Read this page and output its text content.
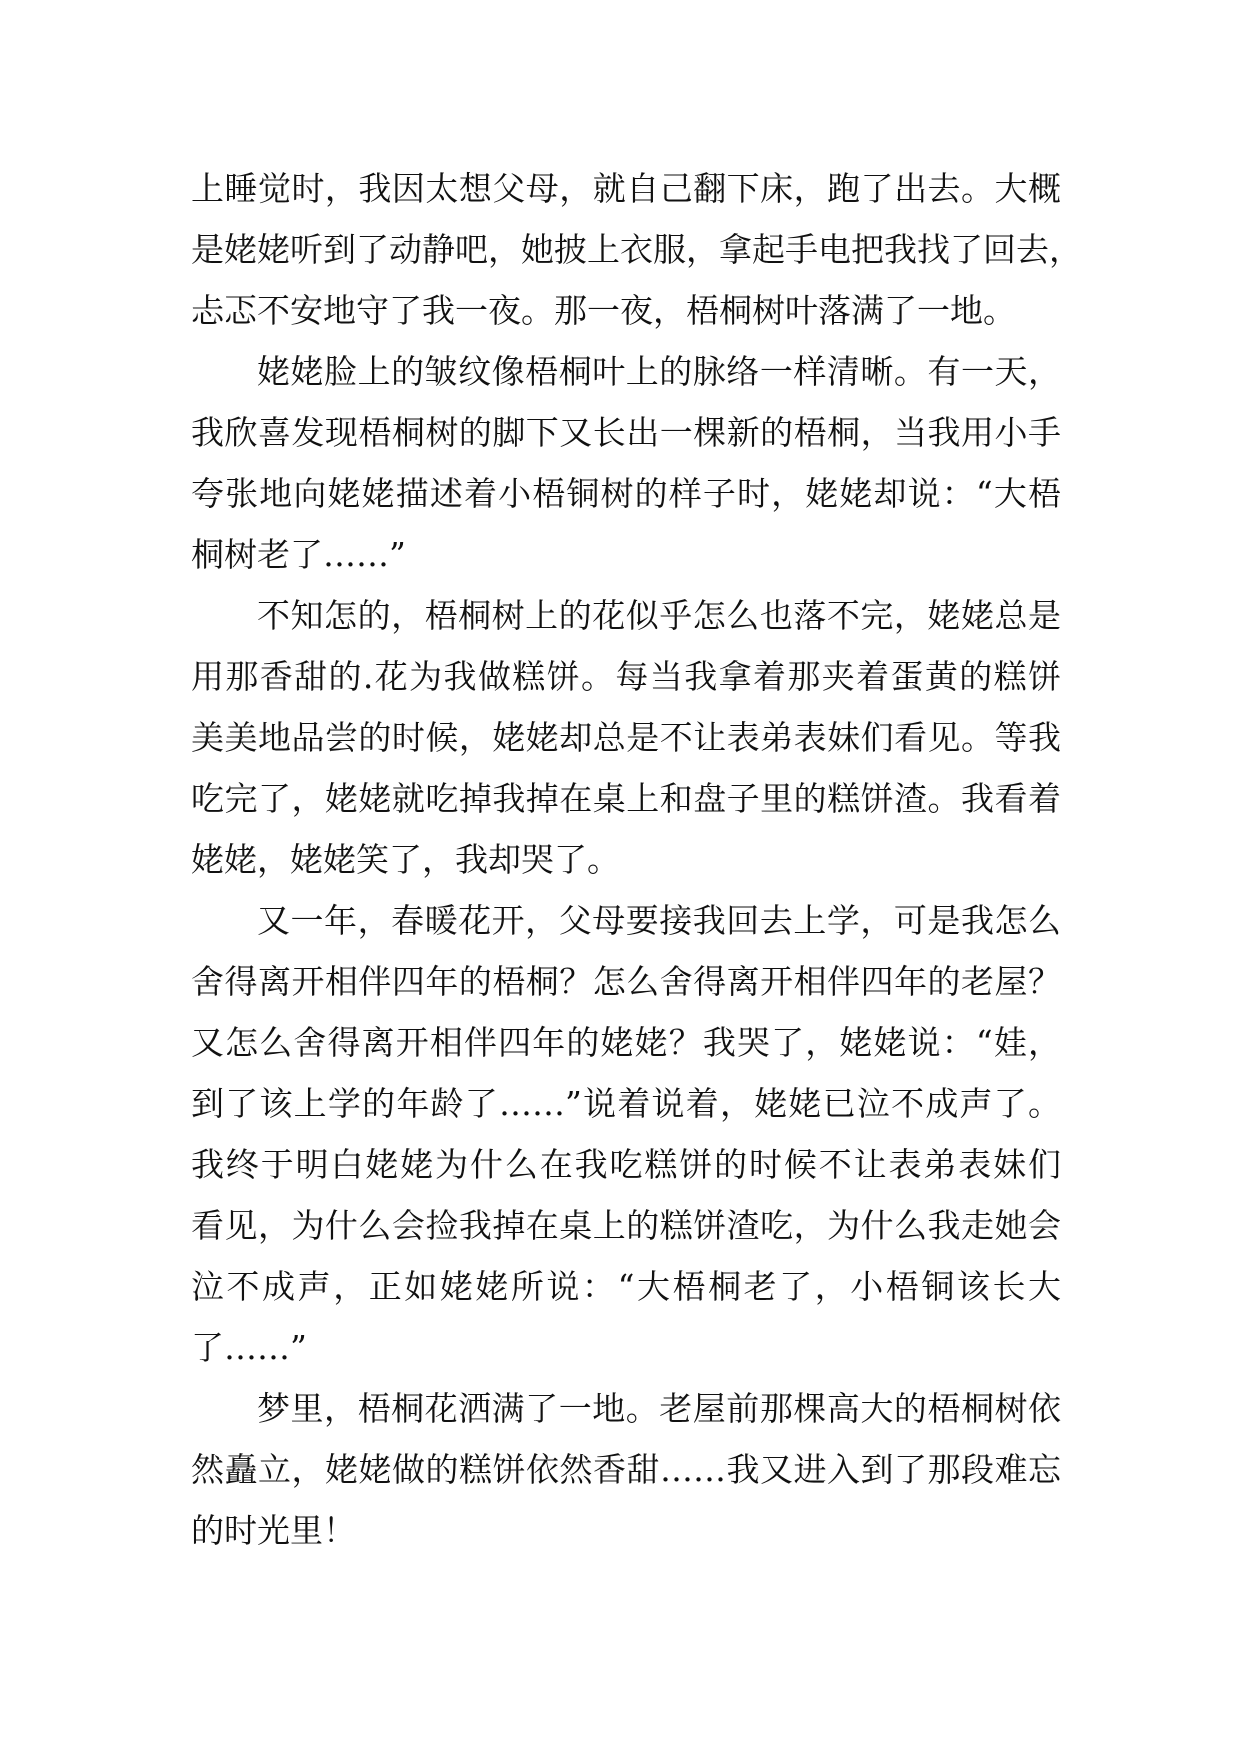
上睡觉时，我因太想父母，就自己翻下床，跑了出去。大概
是姥姥听到了动静吧，她披上衣服，拿起手电把我找了回去，
忐忑不安地守了我一夜。那一夜，梧桐树叶落满了一地。
姥姥脸上的皱纹像梧桐叶上的脉络一样清晰。有一天，
我欣喜发现梧桐树的脚下又长出一棵新的梧桐，当我用小手
夸张地向姥姥描述着小梧铜树的样子时，姥姥却说：“大梧
桐树老了……”
不知怎的，梧桐树上的花似乎怎么也落不完，姥姥总是
用那香甜的.花为我做糕饼。每当我拿着那夹着蛋黄的糕饼
美美地品尝的时候，姥姥却总是不让表弟表妹们看见。等我
吃完了，姥姥就吃掉我掉在桌上和盘子里的糕饼渣。我看着
姥姥，姥姥笑了，我却哭了。
又一年，春暖花开，父母要接我回去上学，可是我怎么
舍得离开相伴四年的梧桐？怎么舍得离开相伴四年的老屋？
又怎么舍得离开相伴四年的姥姥？我哭了，姥姥说：“娃，
到了该上学的年龄了……”说着说着，姥姥已泣不成声了。
我终于明白姥姥为什么在我吃糕饼的时候不让表弟表妹们
看见，为什么会捡我掉在桌上的糕饼渣吃，为什么我走她会
泣不成声，正如姥姥所说：“大梧桐老了，小梧铜该长大
了……”
梦里，梧桐花洒满了一地。老屋前那棵高大的梧桐树依
然矗立，姥姥做的糕饼依然香甜……我又进入到了那段难忘
的时光里！
